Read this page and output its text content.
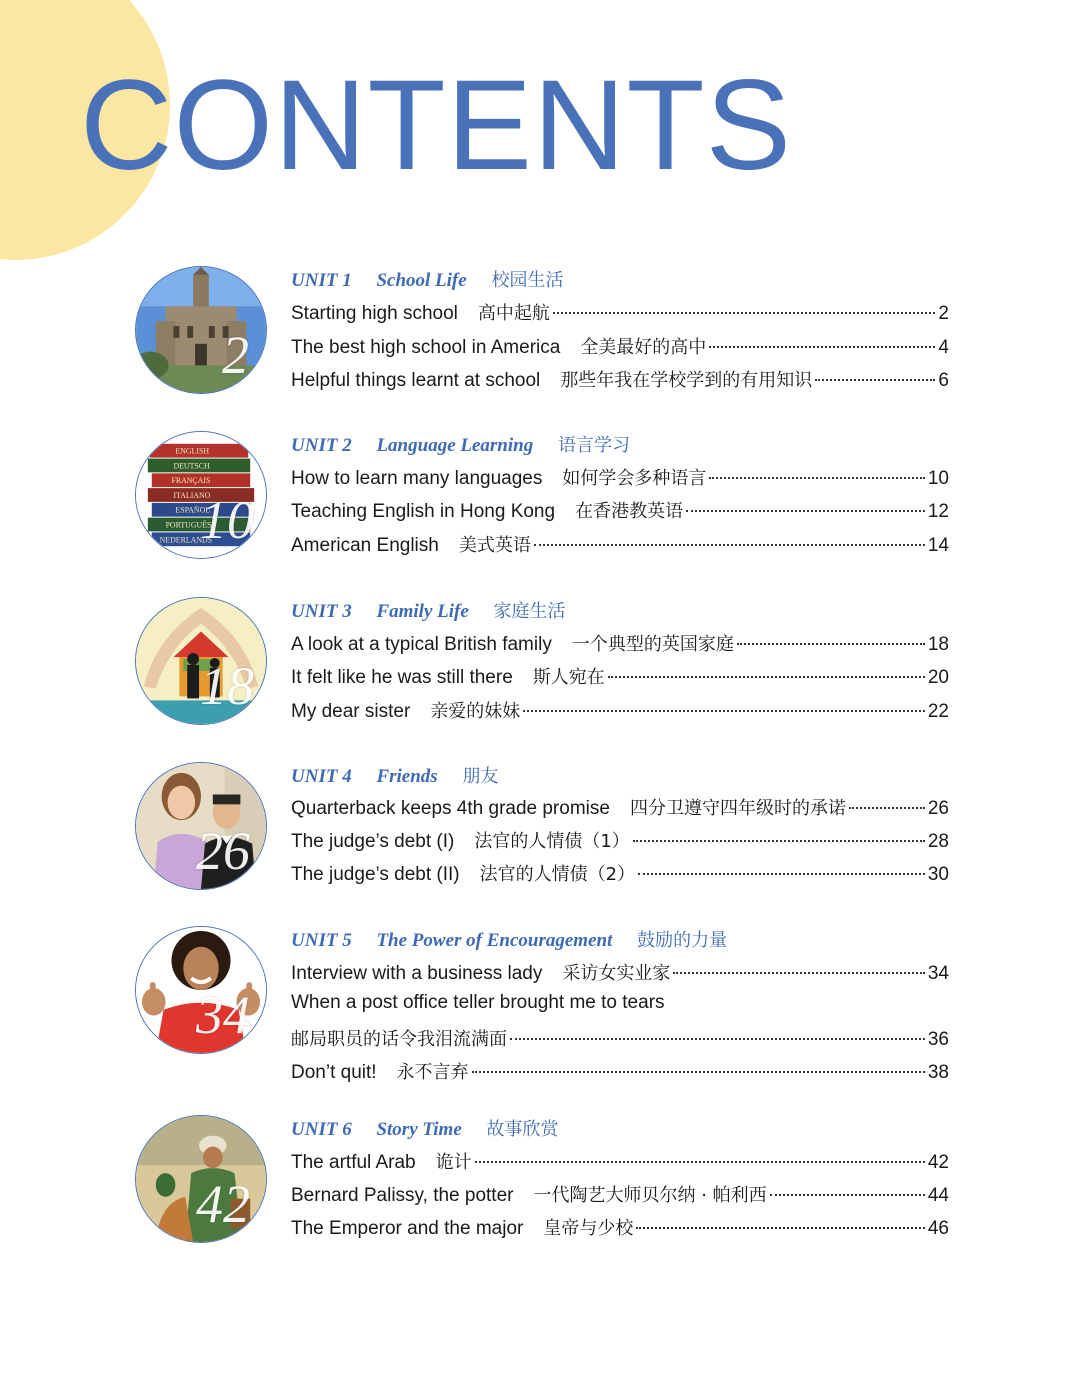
CONTENTS
2
UNIT 1 School Life 校园生活
Starting high school 高中起航	2
The best high school in America 全美最好的高中	4
Helpful things learnt at school 那些年我在学校学到的有用知识	6
ENGLISH
DEUTSCH
FRANÇAIS
ITALIANO
ESPAÑOL
PORTUGUÊS
NEDERLANDS
10
UNIT 2 Language Learning 语言学习
How to learn many languages 如何学会多种语言	10
Teaching English in Hong Kong 在香港教英语	12
American English 美式英语	14
18
UNIT 3 Family Life 家庭生活
A look at a typical British family 一个典型的英国家庭	18
It felt like he was still there 斯人宛在	20
My dear sister 亲爱的妹妹	22
26
UNIT 4 Friends 朋友
Quarterback keeps 4th grade promise 四分卫遵守四年级时的承诺	26
The judge’s debt (I) 法官的人情债（1）	28
The judge’s debt (II) 法官的人情债（2）	30
34
UNIT 5 The Power of Encouragement 鼓励的力量
Interview with a business lady 采访女实业家	34
When a post office teller brought me to tears
邮局职员的话令我泪流满面	36
Don’t quit! 永不言弃	38
42
UNIT 6 Story Time 故事欣赏
The artful Arab 诡计	42
Bernard Palissy, the potter 一代陶艺大师贝尔纳 · 帕利西	44
The Emperor and the major 皇帝与少校	46
